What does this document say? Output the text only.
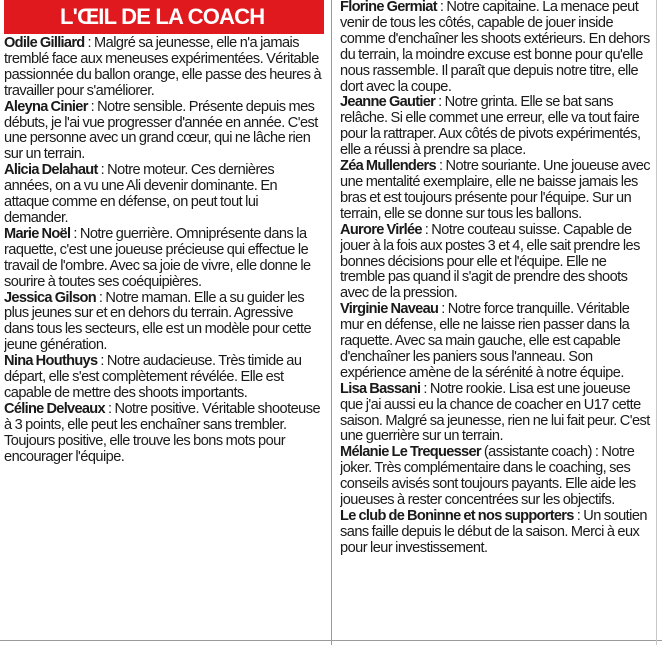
L'ŒIL DE LA COACH

Odile Gilliard : Malgré sa jeunesse, elle n'a jamais tremblé face aux meneuses expérimentées. Véritable passionnée du ballon orange, elle passe des heures à travailler pour s'améliorer.

Aleyna Cinier : Notre sensible. Présente depuis mes débuts, je l'ai vue progresser d'année en année. C'est une personne avec un grand cœur, qui ne lâche rien sur un terrain.

Alicia Delahaut : Notre moteur. Ces dernières années, on a vu une Ali devenir dominante. En attaque comme en défense, on peut tout lui demander.

Marie Noël : Notre guerrière. Omniprésente dans la raquette, c'est une joueuse précieuse qui effectue le travail de l'ombre. Avec sa joie de vivre, elle donne le sourire à toutes ses coéquipières.

Jessica Gilson : Notre maman. Elle a su guider les plus jeunes sur et en dehors du terrain. Agressive dans tous les secteurs, elle est un modèle pour cette jeune génération.

Nina Houthuys : Notre audacieuse. Très timide au départ, elle s'est complètement révélée. Elle est capable de mettre des shoots importants.

Céline Delveaux : Notre positive. Véritable shooteuse à 3 points, elle peut les enchaîner sans trembler. Toujours positive, elle trouve les bons mots pour encourager l'équipe.

Florine Germiat : Notre capitaine. La menace peut venir de tous les côtés, capable de jouer inside comme d'enchaîner les shoots extérieurs. En dehors du terrain, la moindre excuse est bonne pour qu'elle nous rassemble. Il paraît que depuis notre titre, elle dort avec la coupe.

Jeanne Gautier : Notre grinta. Elle se bat sans relâche. Si elle commet une erreur, elle va tout faire pour la rattraper. Aux côtés de pivots expérimentés, elle a réussi à prendre sa place.

Zéa Mullenders : Notre souriante. Une joueuse avec une mentalité exemplaire, elle ne baisse jamais les bras et est toujours présente pour l'équipe. Sur un terrain, elle se donne sur tous les ballons.

Aurore Virlée : Notre couteau suisse. Capable de jouer à la fois aux postes 3 et 4, elle sait prendre les bonnes décisions pour elle et l'équipe. Elle ne tremble pas quand il s'agit de prendre des shoots avec de la pression.

Virginie Naveau : Notre force tranquille. Véritable mur en défense, elle ne laisse rien passer dans la raquette. Avec sa main gauche, elle est capable d'enchaîner les paniers sous l'anneau. Son expérience amène de la sérénité à notre équipe.

Lisa Bassani : Notre rookie. Lisa est une joueuse que j'ai aussi eu la chance de coacher en U17 cette saison. Malgré sa jeunesse, rien ne lui fait peur. C'est une guerrière sur un terrain.

Mélanie Le Trequesser (assistante coach) : Notre joker. Très complémentaire dans le coaching, ses conseils avisés sont toujours payants. Elle aide les joueuses à rester concentrées sur les objectifs.

Le club de Boninne et nos supporters : Un soutien sans faille depuis le début de la saison. Merci à eux pour leur investissement.
